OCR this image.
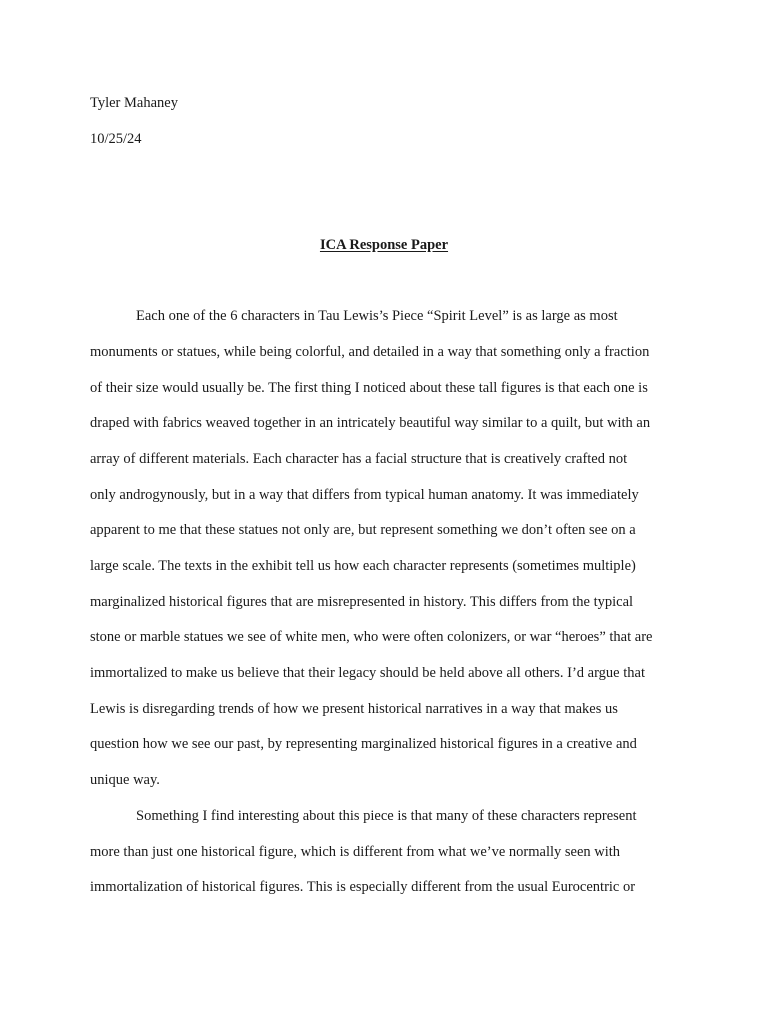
Tyler Mahaney
10/25/24
ICA Response Paper
Each one of the 6 characters in Tau Lewis’s Piece “Spirit Level” is as large as most
monuments or statues, while being colorful, and detailed in a way that something only a fraction
of their size would usually be. The first thing I noticed about these tall figures is that each one is
draped with fabrics weaved together in an intricately beautiful way similar to a quilt, but with an
array of different materials. Each character has a facial structure that is creatively crafted not
only androgynously, but in a way that differs from typical human anatomy. It was immediately
apparent to me that these statues not only are, but represent something we don’t often see on a
large scale. The texts in the exhibit tell us how each character represents (sometimes multiple)
marginalized historical figures that are misrepresented in history. This differs from the typical
stone or marble statues we see of white men, who were often colonizers, or war “heroes” that are
immortalized to make us believe that their legacy should be held above all others. I’d argue that
Lewis is disregarding trends of how we present historical narratives in a way that makes us
question how we see our past, by representing marginalized historical figures in a creative and
unique way.
Something I find interesting about this piece is that many of these characters represent
more than just one historical figure, which is different from what we’ve normally seen with
immortalization of historical figures. This is especially different from the usual Eurocentric or
